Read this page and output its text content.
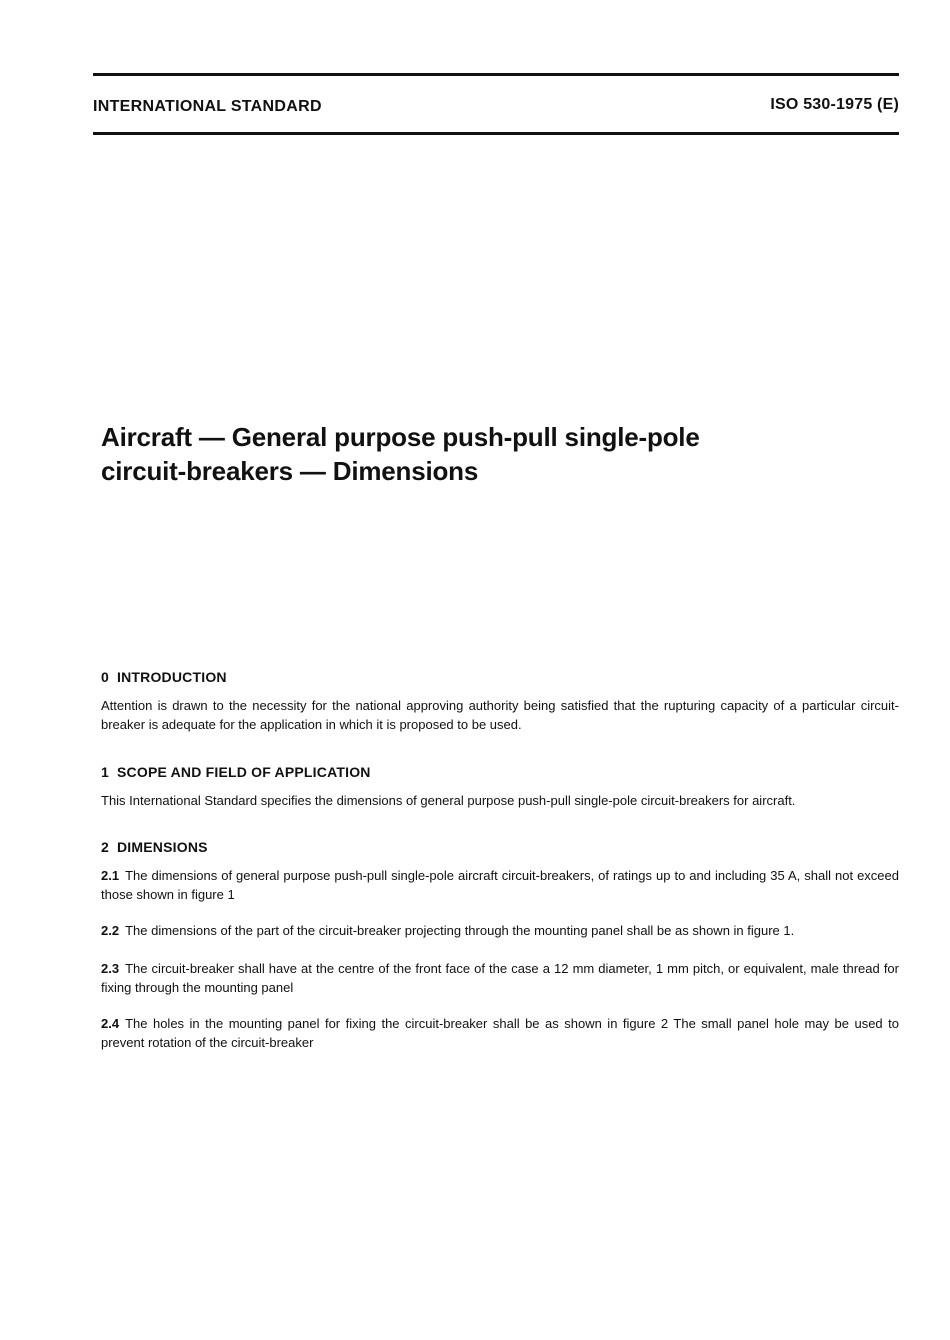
INTERNATIONAL STANDARD	ISO 530-1975 (E)
Aircraft — General purpose push-pull single-pole
circuit-breakers — Dimensions
0 INTRODUCTION

Attention is drawn to the necessity for the national approving authority being satisfied that the rupturing capacity of a particular circuit-breaker is adequate for the application in which it is proposed to be used.

1 SCOPE AND FIELD OF APPLICATION

This International Standard specifies the dimensions of general purpose push-pull single-pole circuit-breakers for aircraft.

2 DIMENSIONS

2.1 The dimensions of general purpose push-pull single-pole aircraft circuit-breakers, of ratings up to and including 35 A, shall not exceed those shown in figure 1

2.2 The dimensions of the part of the circuit-breaker projecting through the mounting panel shall be as shown in figure 1.

2.3 The circuit-breaker shall have at the centre of the front face of the case a 12 mm diameter, 1 mm pitch, or equivalent, male thread for fixing through the mounting panel

2.4 The holes in the mounting panel for fixing the circuit-breaker shall be as shown in figure 2 The small panel hole may be used to prevent rotation of the circuit-breaker
